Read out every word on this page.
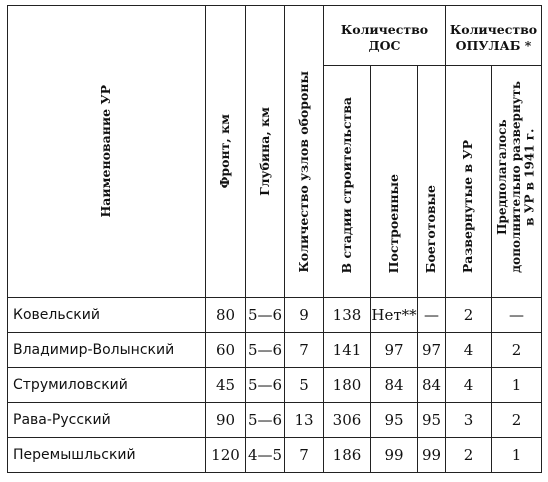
Наименование УР	Фронт, км	Глубина, км	Количество узлов обороны	Количество ДОС			Количество
ОПУЛАБ *	

				В стадии строительства	Построенные	Боеготовые	Развернутые в УР	Предполагалось
дополнительно развернуть
в УР в 1941 г.

Ковельский	80	5—6	9	138	Нет**	—	2	—
Владимир-Волынский	60	5—6	7	141	97	97	4	2
Струмиловский	45	5—6	5	180	84	84	4	1
Рава-Русский	90	5—6	13	306	95	95	3	2
Перемышльский	120	4—5	7	186	99	99	2	1
